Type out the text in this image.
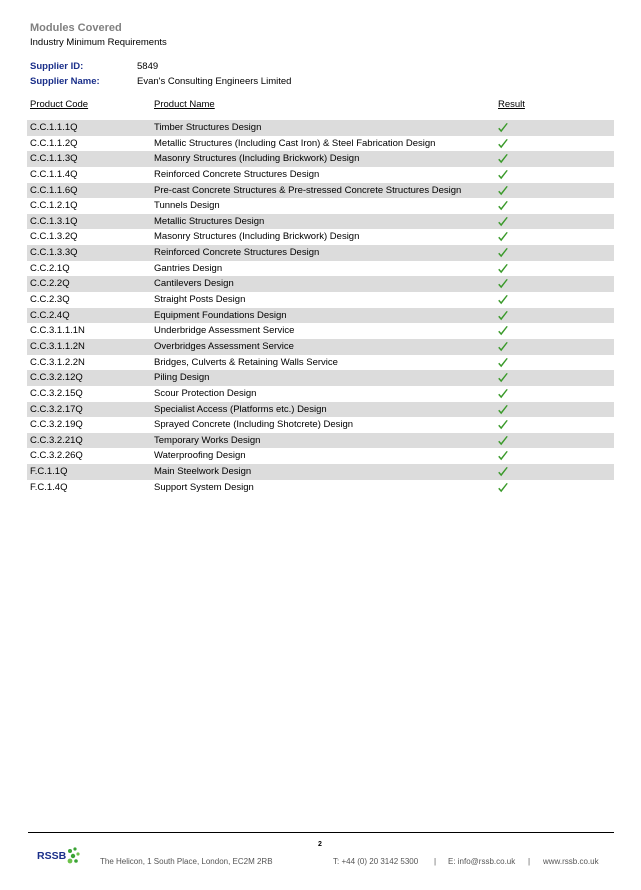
Modules Covered
Industry Minimum Requirements
Supplier ID:	5849
Supplier Name:	Evan's Consulting Engineers Limited
Product Code	Product Name	Result
C.C.1.1.1Q	Timber Structures Design
C.C.1.1.2Q	Metallic Structures (Including Cast Iron) & Steel Fabrication Design
C.C.1.1.3Q	Masonry Structures (Including Brickwork) Design
C.C.1.1.4Q	Reinforced Concrete Structures Design
C.C.1.1.6Q	Pre-cast Concrete Structures & Pre-stressed Concrete Structures Design
C.C.1.2.1Q	Tunnels Design
C.C.1.3.1Q	Metallic Structures Design
C.C.1.3.2Q	Masonry Structures (Including Brickwork) Design
C.C.1.3.3Q	Reinforced Concrete Structures Design
C.C.2.1Q	Gantries Design
C.C.2.2Q	Cantilevers Design
C.C.2.3Q	Straight Posts Design
C.C.2.4Q	Equipment Foundations Design
C.C.3.1.1.1N	Underbridge Assessment Service
C.C.3.1.1.2N	Overbridges Assessment Service
C.C.3.1.2.2N	Bridges, Culverts & Retaining Walls Service
C.C.3.2.12Q	Piling Design
C.C.3.2.15Q	Scour Protection Design
C.C.3.2.17Q	Specialist Access (Platforms etc.) Design
C.C.3.2.19Q	Sprayed Concrete (Including Shotcrete) Design
C.C.3.2.21Q	Temporary Works Design
C.C.3.2.26Q	Waterproofing Design
F.C.1.1Q	Main Steelwork Design
F.C.1.4Q	Support System Design
2
RSSB	The Helicon, 1 South Place, London, EC2M 2RB	T: +44 (0) 20 3142 5300 | E: info@rssb.co.uk | www.rssb.co.uk
